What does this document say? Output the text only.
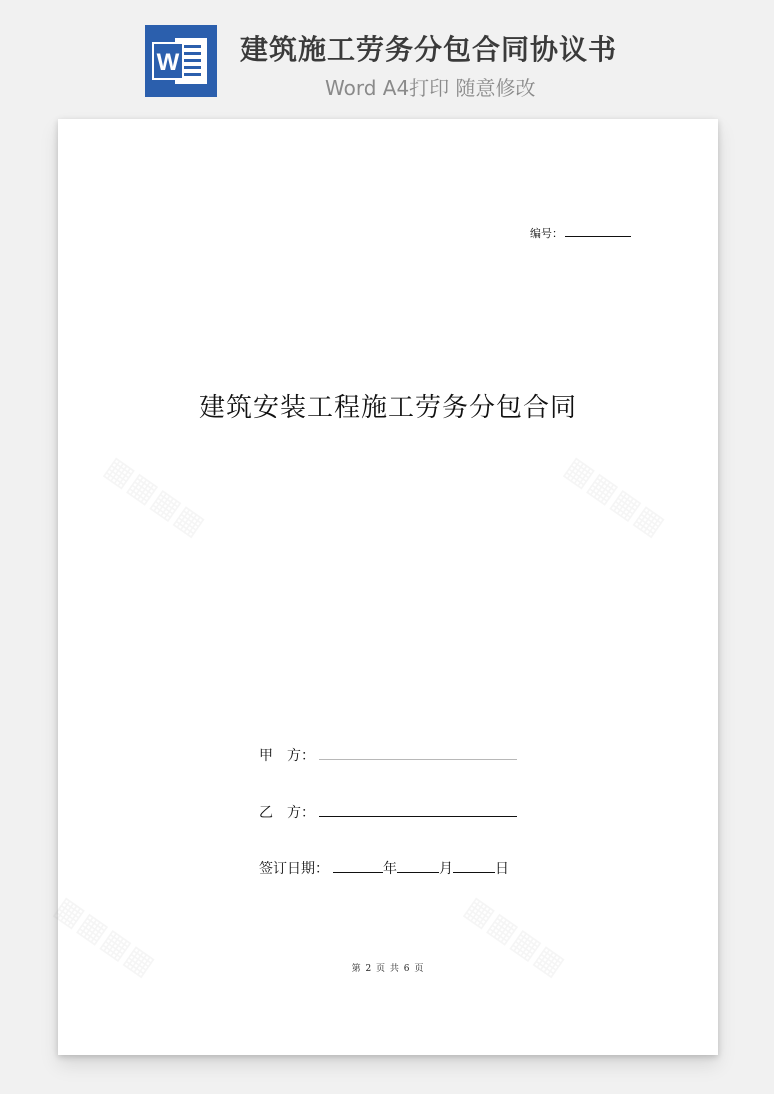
W 建筑施工劳务分包合同协议书
Word A4打印 随意修改
▦▦▦▦	▦▦▦▦
▦▦▦▦	▦▦▦▦
编号：
建筑安装工程施工劳务分包合同
甲　方：
乙　方：
签订日期：	年	月	日
第 2 页 共 6 页
